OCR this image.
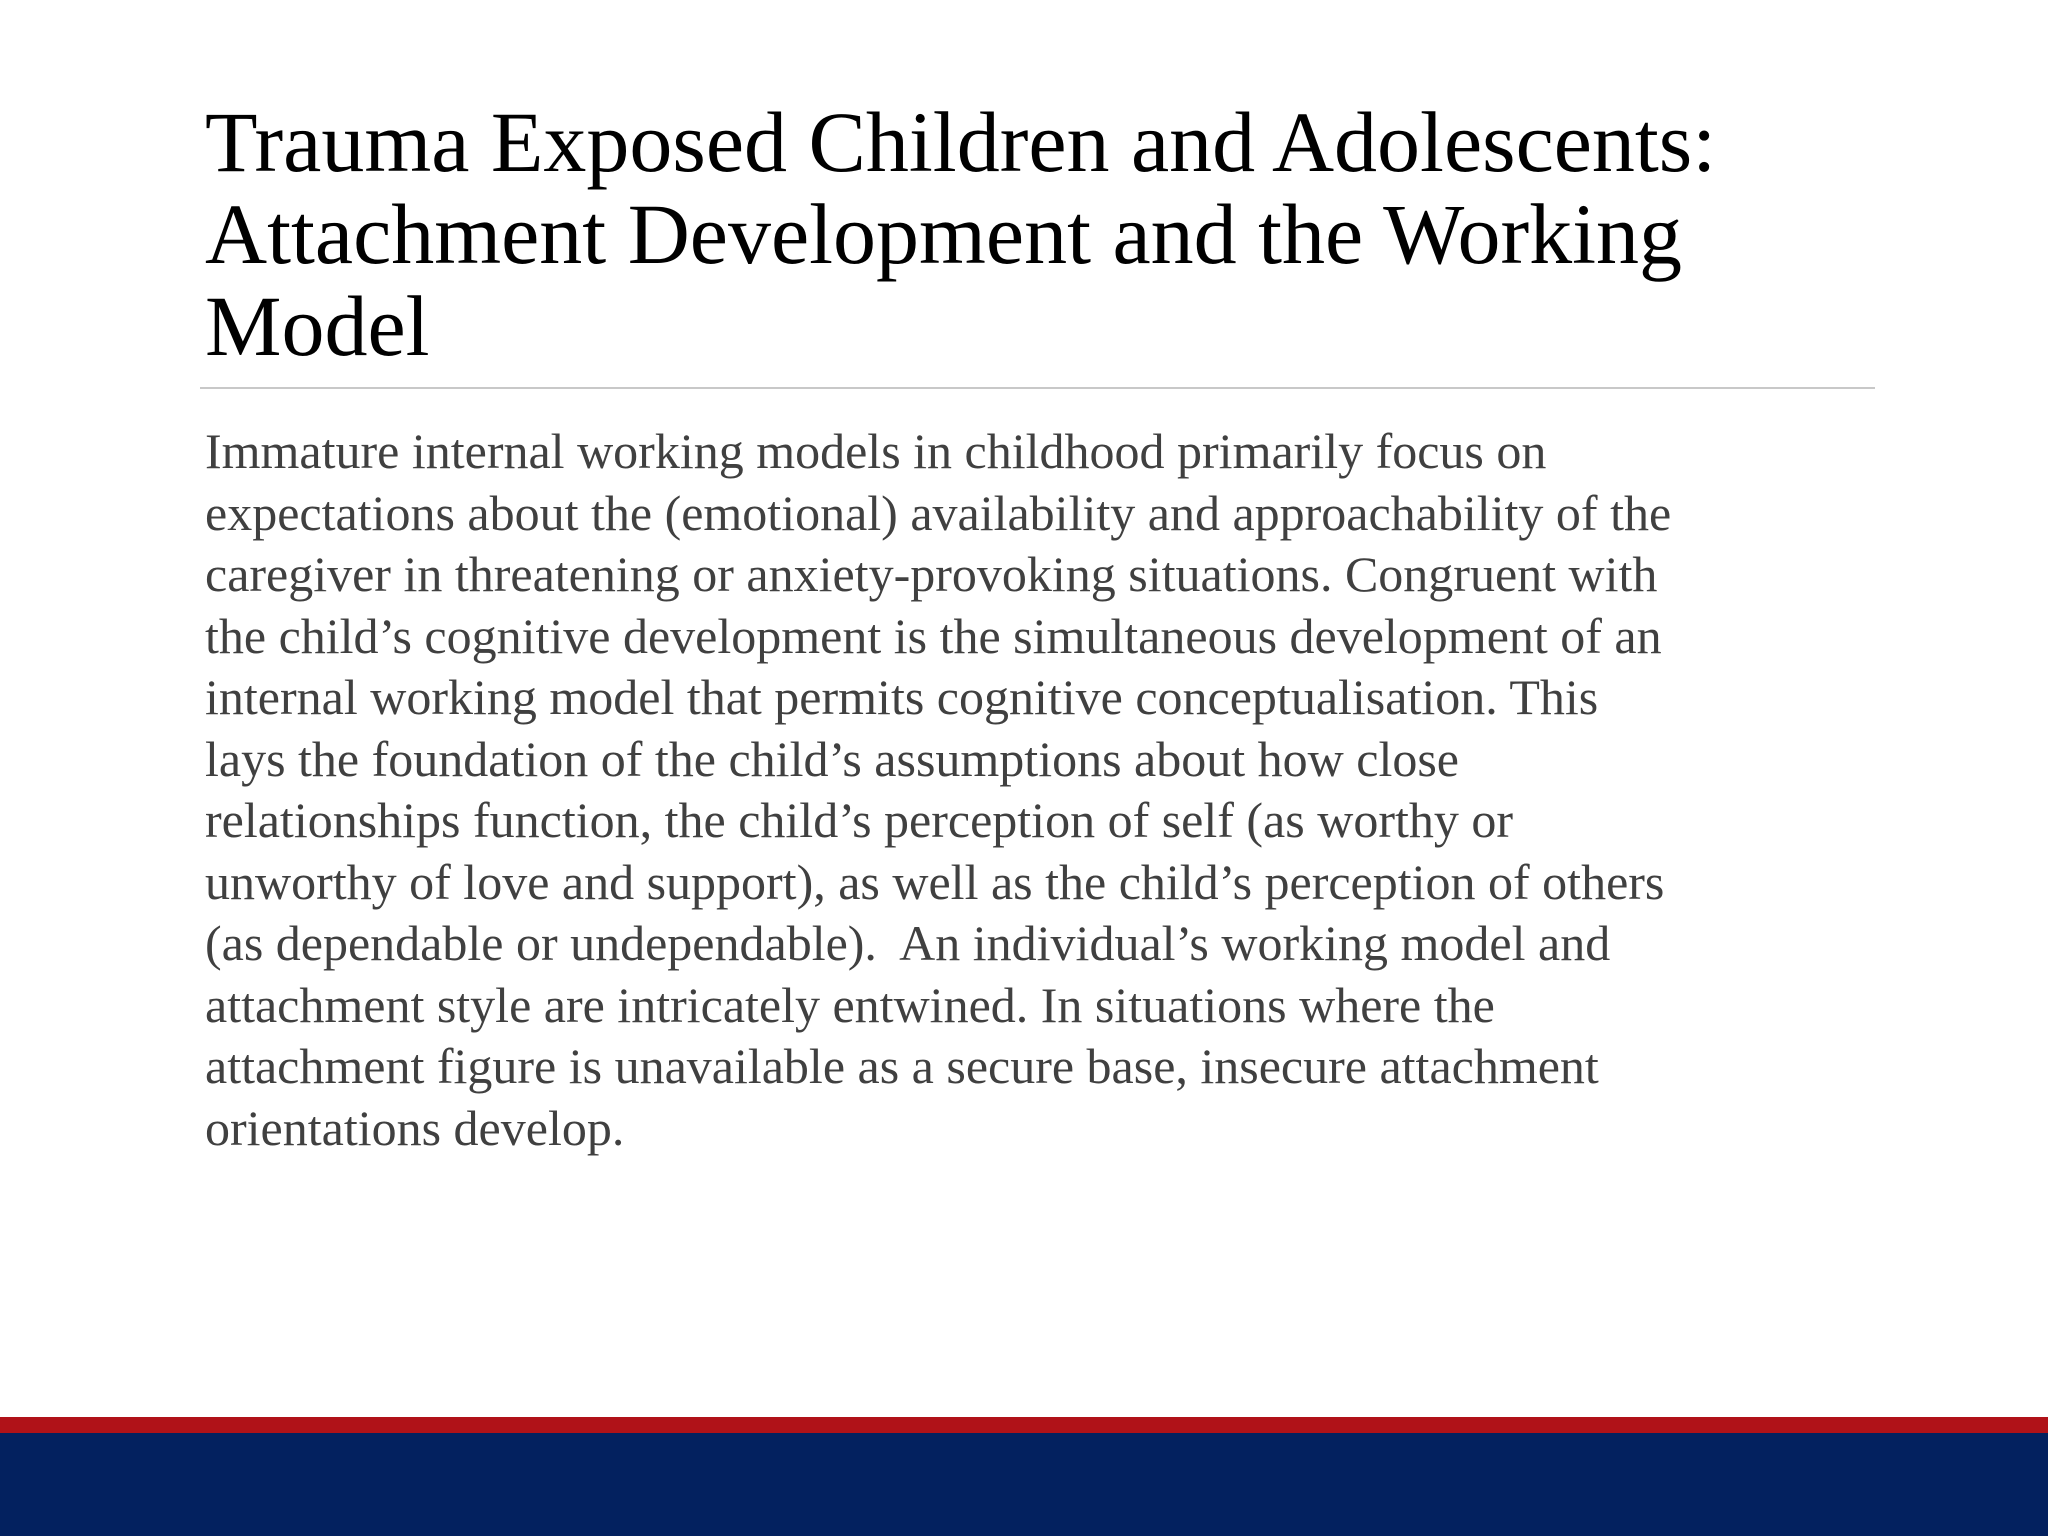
Trauma Exposed Children and Adolescents:
Attachment Development and the Working
Model
Immature internal working models in childhood primarily focus on
expectations about the (emotional) availability and approachability of the
caregiver in threatening or anxiety-provoking situations. Congruent with
the child’s cognitive development is the simultaneous development of an
internal working model that permits cognitive conceptualisation. This
lays the foundation of the child’s assumptions about how close
relationships function, the child’s perception of self (as worthy or
unworthy of love and support), as well as the child’s perception of others
(as dependable or undependable).  An individual’s working model and
attachment style are intricately entwined. In situations where the
attachment figure is unavailable as a secure base, insecure attachment
orientations develop.
